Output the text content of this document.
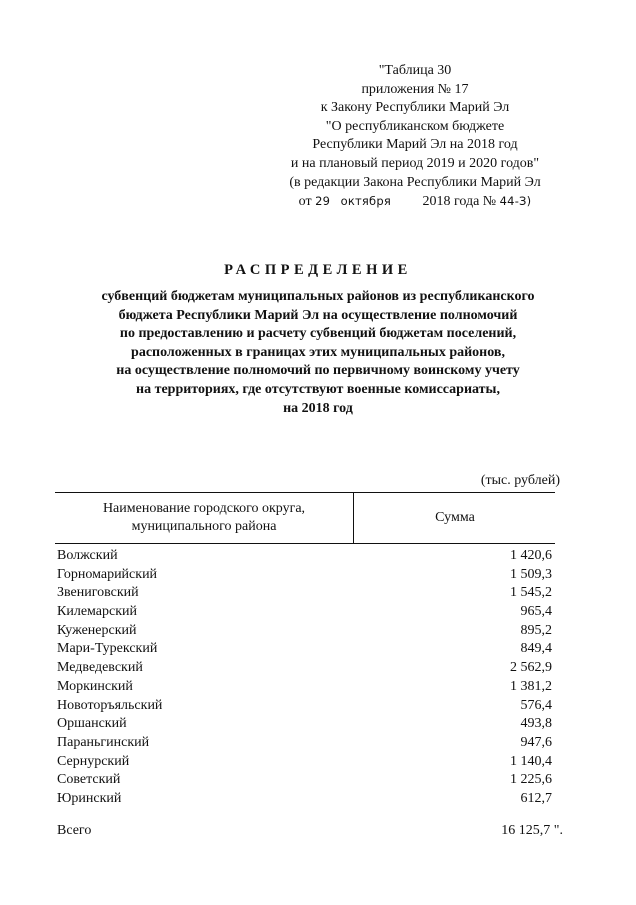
"Таблица 30
приложения № 17
к Закону Республики Марий Эл
"О республиканском бюджете
Республики Марий Эл на 2018 год
и на плановый период 2019 и 2020 годов"
(в редакции Закона Республики Марий Эл
от 29 октября 2018 года № 44-З)
РАСПРЕДЕЛЕНИЕ
субвенций бюджетам муниципальных районов из республиканского
бюджета Республики Марий Эл на осуществление полномочий
по предоставлению и расчету субвенций бюджетам поселений,
расположенных в границах этих муниципальных районов,
на осуществление полномочий по первичному воинскому учету
на территориях, где отсутствуют военные комиссариаты,
на 2018 год
(тыс. рублей)
Наименование городского округа,
муниципального района
Сумма
Волжский	1 420,6
Горномарийский	1 509,3
Звениговский	1 545,2
Килемарский	965,4
Куженерский	895,2
Мари-Турекский	849,4
Медведевский	2 562,9
Моркинский	1 381,2
Новоторъяльский	576,4
Оршанский	493,8
Параньгинский	947,6
Сернурский	1 140,4
Советский	1 225,6
Юринский	612,7
Всего	16 125,7 ".
